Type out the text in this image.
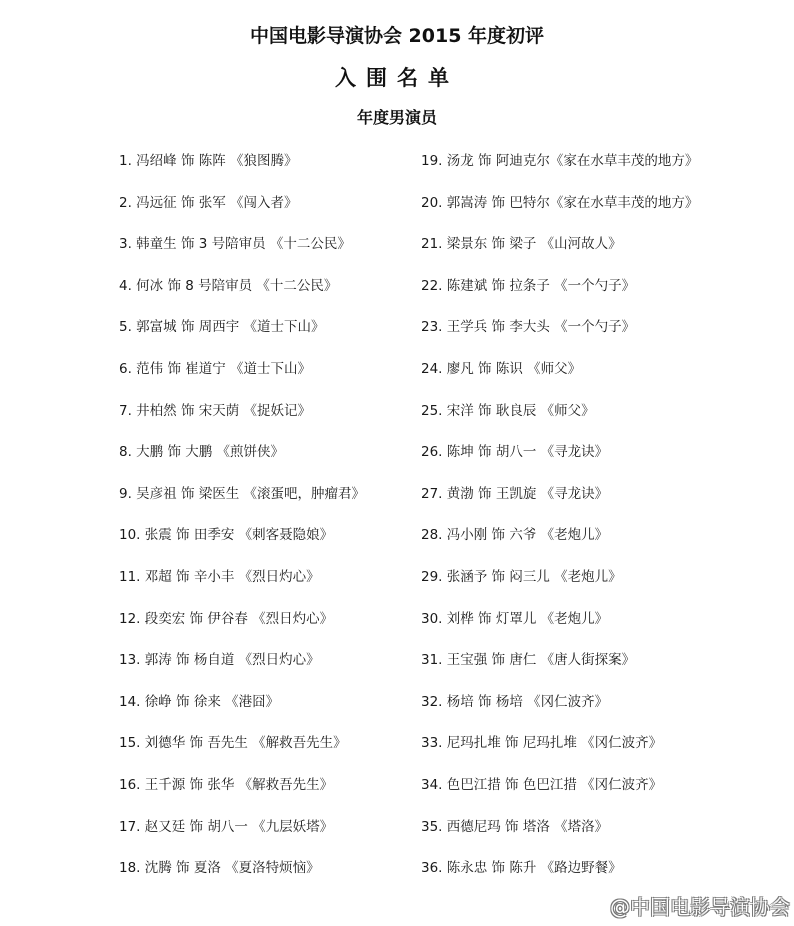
中国电影导演协会 2015 年度初评
入围名单
年度男演员
1. 冯绍峰 饰 陈阵 《狼图腾》
2. 冯远征 饰 张军 《闯入者》
3. 韩童生 饰 3 号陪审员 《十二公民》
4. 何冰 饰 8 号陪审员 《十二公民》
5. 郭富城 饰 周西宇 《道士下山》
6. 范伟 饰 崔道宁 《道士下山》
7. 井柏然 饰 宋天荫 《捉妖记》
8. 大鹏 饰 大鹏 《煎饼侠》
9. 吴彦祖 饰 梁医生 《滚蛋吧，肿瘤君》
10. 张震 饰 田季安 《刺客聂隐娘》
11. 邓超 饰 辛小丰 《烈日灼心》
12. 段奕宏 饰 伊谷春 《烈日灼心》
13. 郭涛 饰 杨自道 《烈日灼心》
14. 徐峥 饰 徐来 《港囧》
15. 刘德华 饰 吾先生 《解救吾先生》
16. 王千源 饰 张华 《解救吾先生》
17. 赵又廷 饰 胡八一 《九层妖塔》
18. 沈腾 饰 夏洛 《夏洛特烦恼》
19. 汤龙 饰 阿迪克尔《家在水草丰茂的地方》
20. 郭嵩涛 饰 巴特尔《家在水草丰茂的地方》
21. 梁景东 饰 梁子 《山河故人》
22. 陈建斌 饰 拉条子 《一个勺子》
23. 王学兵 饰 李大头 《一个勺子》
24. 廖凡 饰 陈识 《师父》
25. 宋洋 饰 耿良辰 《师父》
26. 陈坤 饰 胡八一 《寻龙诀》
27. 黄渤 饰 王凯旋 《寻龙诀》
28. 冯小刚 饰 六爷 《老炮儿》
29. 张涵予 饰 闷三儿 《老炮儿》
30. 刘桦 饰 灯罩儿 《老炮儿》
31. 王宝强 饰 唐仁 《唐人街探案》
32. 杨培 饰 杨培 《冈仁波齐》
33. 尼玛扎堆 饰 尼玛扎堆 《冈仁波齐》
34. 色巴江措 饰 色巴江措 《冈仁波齐》
35. 西德尼玛 饰 塔洛 《塔洛》
36. 陈永忠 饰 陈升 《路边野餐》
@中国电影导演协会
